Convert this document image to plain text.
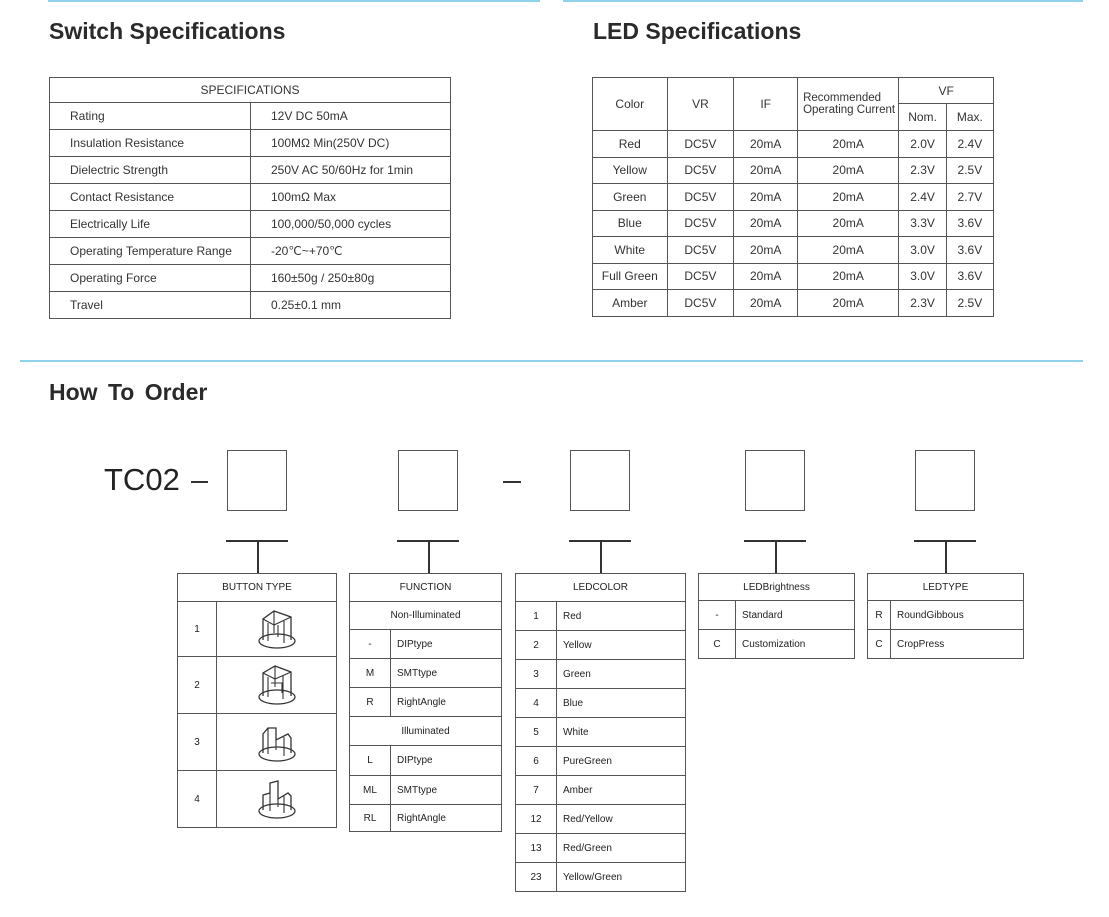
Switch Specifications
SPECIFICATIONS	
Rating	12V DC 50mA
Insulation Resistance	100MΩ Min(250V DC)
Dielectric Strength	250V AC 50/60Hz for 1min
Contact Resistance	100mΩ Max
Electrically Life	100,000/50,000 cycles
Operating Temperature Range	-20℃~+70℃
Operating Force	160±50g / 250±80g
Travel	0.25±0.1 mm
LED Specifications
Color	VR	IF	Recommended Operating Current	VF	
				Nom.	Max.
Red	DC5V	20mA	20mA	2.0V	2.4V
Yellow	DC5V	20mA	20mA	2.3V	2.5V
Green	DC5V	20mA	20mA	2.4V	2.7V
Blue	DC5V	20mA	20mA	3.3V	3.6V
White	DC5V	20mA	20mA	3.0V	3.6V
Full Green	DC5V	20mA	20mA	3.0V	3.6V
Amber	DC5V	20mA	20mA	2.3V	2.5V
How To Order
TC02
BUTTON TYPE	
1	

2	

3	

4	
FUNCTION	
Non-Illuminated	
-	DIPtype
M	SMTtype
R	RightAngle
Illuminated	
L	DIPtype
ML	SMTtype
RL	RightAngle
LEDCOLOR	
1	Red
2	Yellow
3	Green
4	Blue
5	White
6	PureGreen
7	Amber
12	Red/Yellow
13	Red/Green
23	Yellow/Green
LEDBrightness	
-	Standard
C	Customization
LEDTYPE	
R	RoundGibbous
C	CropPress
